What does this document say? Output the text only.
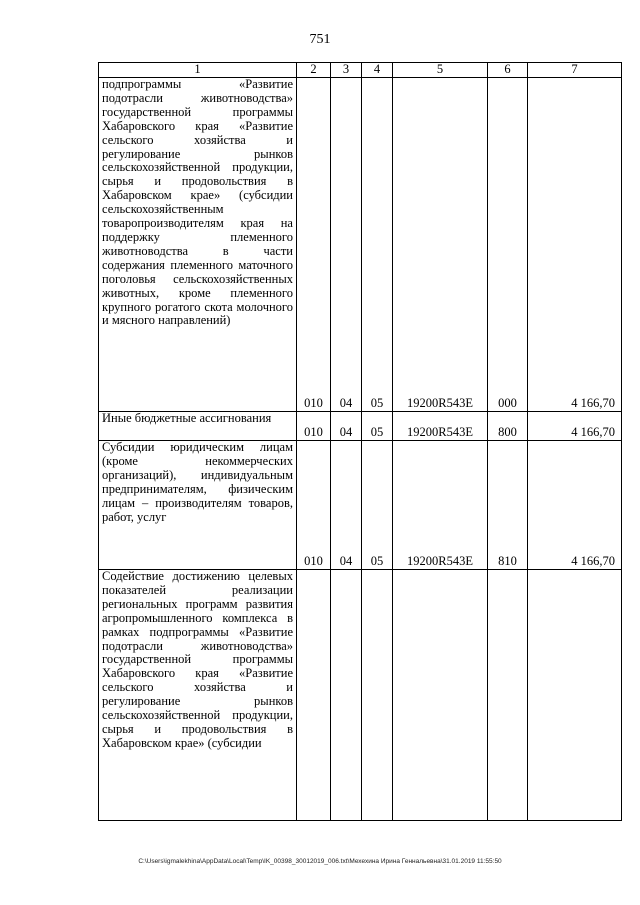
751
1	2	3	4	5	6	7

подпрограммы «Развитие подотрасли животноводства» государственной программы Хабаровского края «Развитие сельского хозяйства и регулирование рынков сельскохозяйственной продукции, сырья и продовольствия в Хабаровском крае» (субсидии сельскохозяйственным товаропроизводителям края на поддержку племенного животноводства в части содержания племенного маточного поголовья сельскохозяйственных животных, кроме племенного крупного рогатого скота молочного и мясного направлений)	010	04	05	19200R543E	000	4 166,70

Иные бюджетные ассигнования	010	04	05	19200R543E	800	4 166,70

Субсидии юридическим лицам (кроме некоммерческих организаций), индивидуальным предпринимателям, физическим лицам – производителям товаров, работ, услуг	010	04	05	19200R543E	810	4 166,70

Содействие достижению целевых показателей реализации региональных программ развития агропромышленного комплекса в рамках подпрограммы «Развитие подотрасли животноводства» государственной программы Хабаровского края «Развитие сельского хозяйства и регулирование рынков сельскохозяйственной продукции, сырья и продовольствия в Хабаровском крае» (субсидии						

C:\Users\igmalekhina\AppData\Local\Temp\IK_00398_30012019_006.txt\Мехехина Ирина Геннальевна\31.01.2019 11:55:50
